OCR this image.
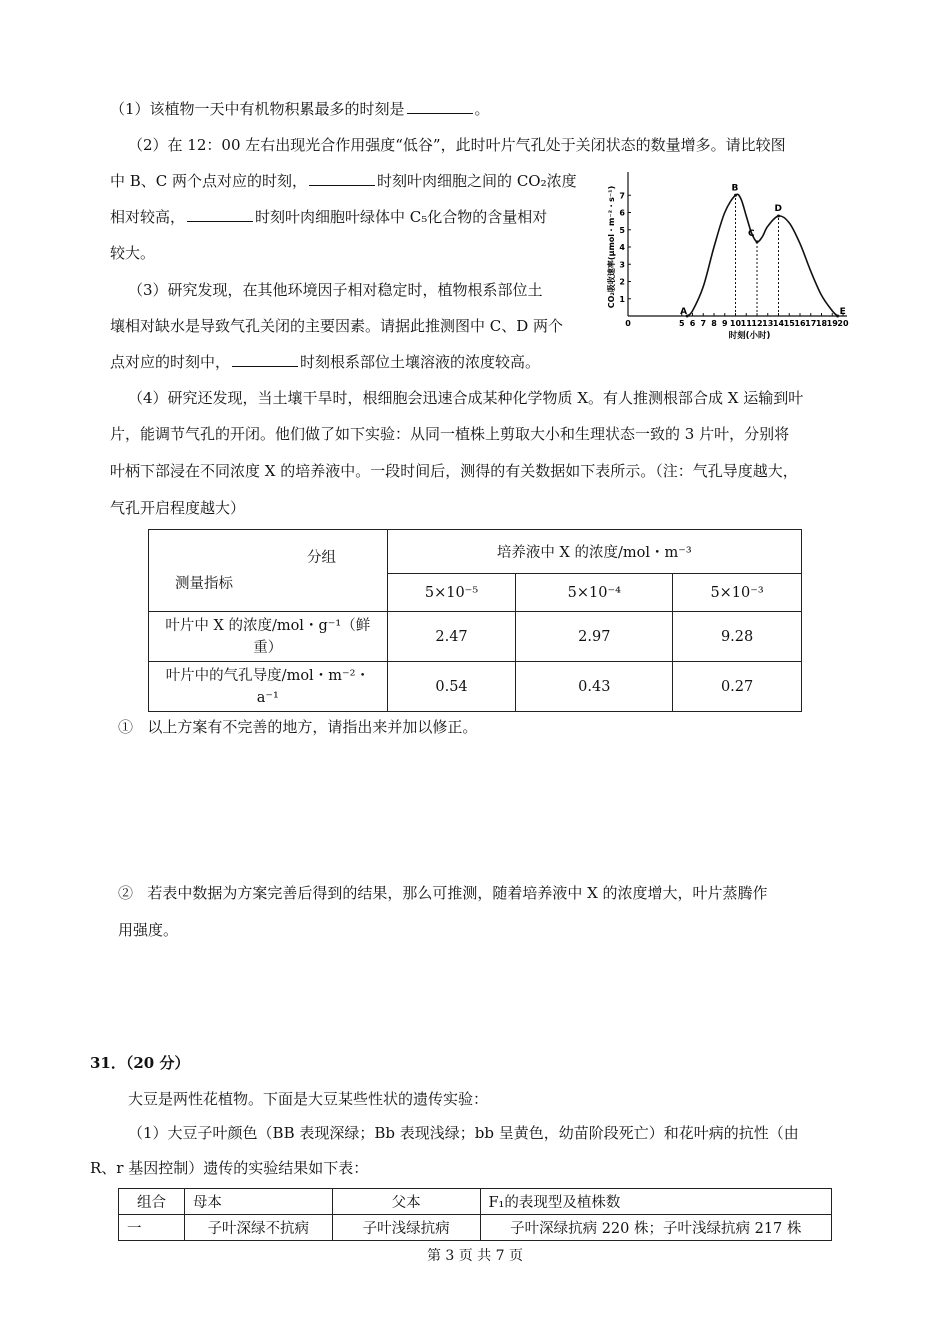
（1）该植物一天中有机物积累最多的时刻是	。
（2）在 12：00 左右出现光合作用强度“低谷”，此时叶片气孔处于关闭状态的数量增多。请比较图
中 B、C 两个点对应的时刻，	时刻叶肉细胞之间的 CO₂浓度
相对较高，	时刻叶肉细胞叶绿体中 C₅化合物的含量相对
较大。
（3）研究发现，在其他环境因子相对稳定时，植物根系部位土
壤相对缺水是导致气孔关闭的主要因素。请据此推测图中 C、D 两个
点对应的时刻中，	时刻根系部位土壤溶液的浓度较高。
0	5 6 7 8 9 10 11 12 13 14 15 16 17 18 19 20
1
2
3
4
5
6
7
A
B
C
D
E
时刻(小时)
CO₂吸收速率(μmol・m⁻²・s⁻¹)
（4）研究还发现，当土壤干旱时，根细胞会迅速合成某种化学物质 X。有人推测根部合成 X 运输到叶
片，能调节气孔的开闭。他们做了如下实验：从同一植株上剪取大小和生理状态一致的 3 片叶，分别将
叶柄下部浸在不同浓度 X 的培养液中。一段时间后，测得的有关数据如下表所示。（注：气孔导度越大，
气孔开启程度越大）
分组
测量指标	培养液中 X 的浓度/mol・m⁻³		
	5×10⁻⁵	5×10⁻⁴	5×10⁻³
叶片中 X 的浓度/mol・g⁻¹（鲜重）	2.47	2.97	9.28
叶片中的气孔导度/mol・m⁻²・a⁻¹	0.54	0.43	0.27
① 以上方案有不完善的地方，请指出来并加以修正。
② 若表中数据为方案完善后得到的结果，那么可推测，随着培养液中 X 的浓度增大，叶片蒸腾作
用强度。
31．（20 分）
大豆是两性花植物。下面是大豆某些性状的遗传实验：
（1）大豆子叶颜色（BB 表现深绿；Bb 表现浅绿；bb 呈黄色，幼苗阶段死亡）和花叶病的抗性（由
R、r 基因控制）遗传的实验结果如下表：
组合	母本	父本	F₁的表现型及植株数
一	子叶深绿不抗病	子叶浅绿抗病	子叶深绿抗病 220 株；子叶浅绿抗病 217 株
第 3 页 共 7 页
